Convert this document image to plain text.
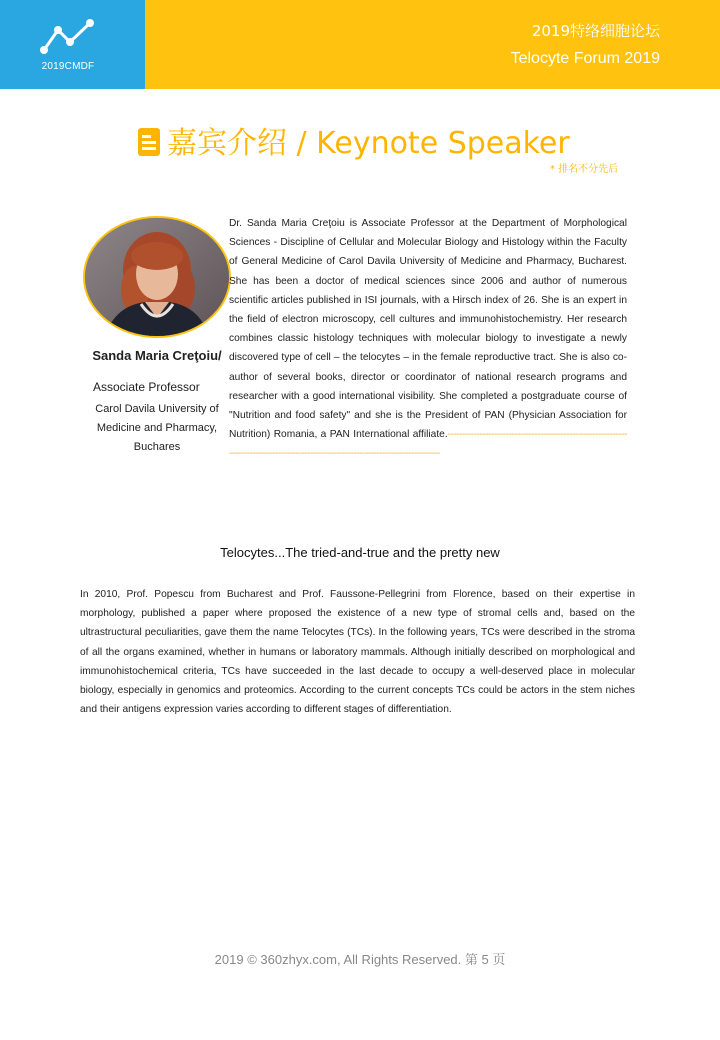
2019CMDF
2019特络细胞论坛
Telocyte Forum 2019
嘉宾介绍 / Keynote Speaker
* 排名不分先后
Sanda Maria Creţoiu/
Associate Professor
Carol Davila University of Medicine and Pharmacy, Buchares
Dr. Sanda Maria Creţoiu is Associate Professor at the Department of Morphological Sciences - Discipline of Cellular and Molecular Biology and Histology within the Faculty of General Medicine of Carol Davila University of Medicine and Pharmacy, Bucharest. She has been a doctor of medical sciences since 2006 and author of numerous scientific articles published in ISI journals, with a Hirsch index of 26. She is an expert in the field of electron microscopy, cell cultures and immunohistochemistry. Her research combines classic histology techniques with molecular biology to investigate a newly discovered type of cell – the telocytes – in the female reproductive tract. She is also co-author of several books, director or coordinator of national research programs and researcher with a good international visibility. She completed a postgraduate course of "Nutrition and food safety" and she is the President of PAN (Physician Association for Nutrition) Romania, a PAN International affiliate.---------------------------------------------------------------------------------------------------------------------------------------
Telocytes...The tried-and-true and the pretty new
In 2010, Prof. Popescu from Bucharest and Prof. Faussone-Pellegrini from Florence, based on their expertise in morphology, published a paper where proposed the existence of a new type of stromal cells and, based on the ultrastructural peculiarities, gave them the name Telocytes (TCs). In the following years, TCs were described in the stroma of all the organs examined, whether in humans or laboratory mammals. Although initially described on morphological and immunohistochemical criteria, TCs have succeeded in the last decade to occupy a well-deserved place in molecular biology, especially in genomics and proteomics. According to the current concepts TCs could be actors in the stem niches and their antigens expression varies according to different stages of differentiation.
2019 © 360zhyx.com, All Rights Reserved. 第 5 页
